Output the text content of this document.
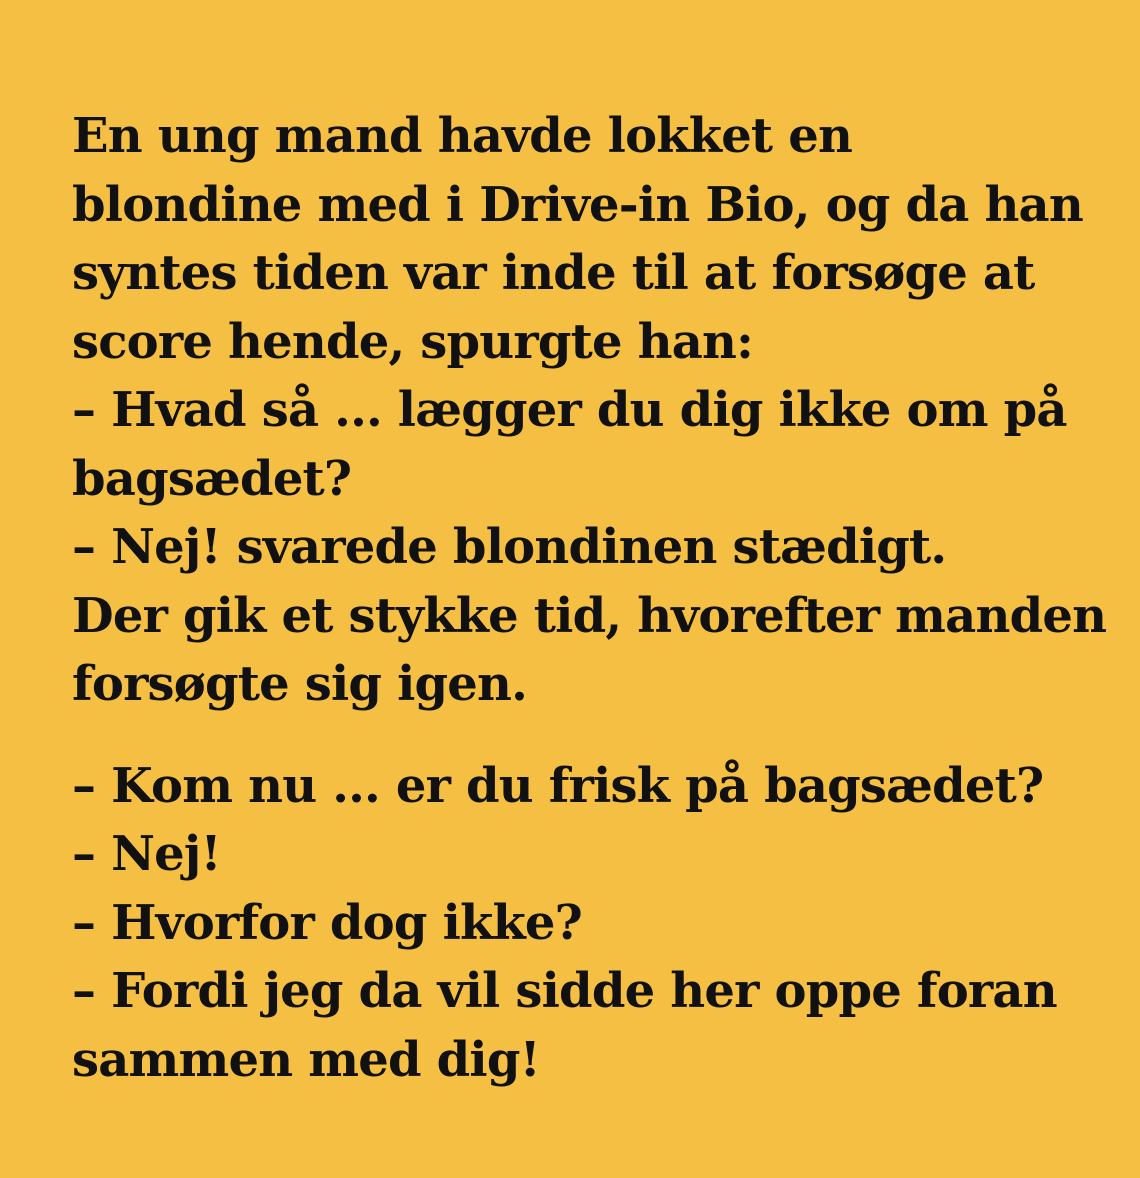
En ung mand havde lokket en
blondine med i Drive-in Bio, og da han
syntes tiden var inde til at forsøge at
score hende, spurgte han:
– Hvad så ... lægger du dig ikke om på
bagsædet?
– Nej! svarede blondinen stædigt.
Der gik et stykke tid, hvorefter manden
forsøgte sig igen.
– Kom nu ... er du frisk på bagsædet?
– Nej!
– Hvorfor dog ikke?
– Fordi jeg da vil sidde her oppe foran
sammen med dig!
